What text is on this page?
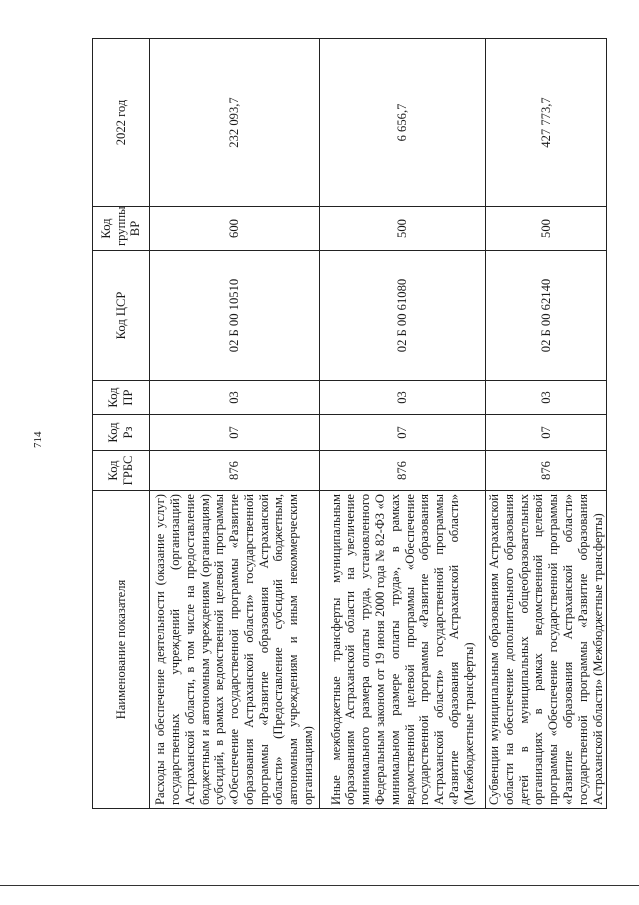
714
Наименование показателя	Код ГРБС	Код Рз	Код ПР	Код ЦСР	Код группы ВР	2022 год
Расходы на обеспечение деятельности (оказание услуг) государственных учреждений (организаций) Астраханской области, в том числе на предоставление бюджетным и автономным учреждениям (организациям) субсидий, в рамках ведомственной целевой программы «Обеспечение государственной программы «Развитие образования Астраханской области» государственной программы «Развитие образования Астраханской области» (Предоставление субсидий бюджетным, автономным учреждениям и иным некоммерческим организациям)	876	07	03	02 Б 00 10510	600	232 093,7
Иные межбюджетные трансферты муниципальным образованиям Астраханской области на увеличение минимального размера оплаты труда, установленного Федеральным законом от 19 июня 2000 года № 82-ФЗ «О минимальном размере оплаты труда», в рамках ведомственной целевой программы «Обеспечение государственной программы «Развитие образования Астраханской области» государственной программы «Развитие образования Астраханской области» (Межбюджетные трансферты)	876	07	03	02 Б 00 61080	500	6 656,7
Субвенции муниципальным образованиям Астраханской области на обеспечение дополнительного образования детей в муниципальных общеобразовательных организациях в рамках ведомственной целевой программы «Обеспечение государственной программы «Развитие образования Астраханской области» государственной программы «Развитие образования Астраханской области» (Межбюджетные трансферты)	876	07	03	02 Б 00 62140	500	427 773,7
